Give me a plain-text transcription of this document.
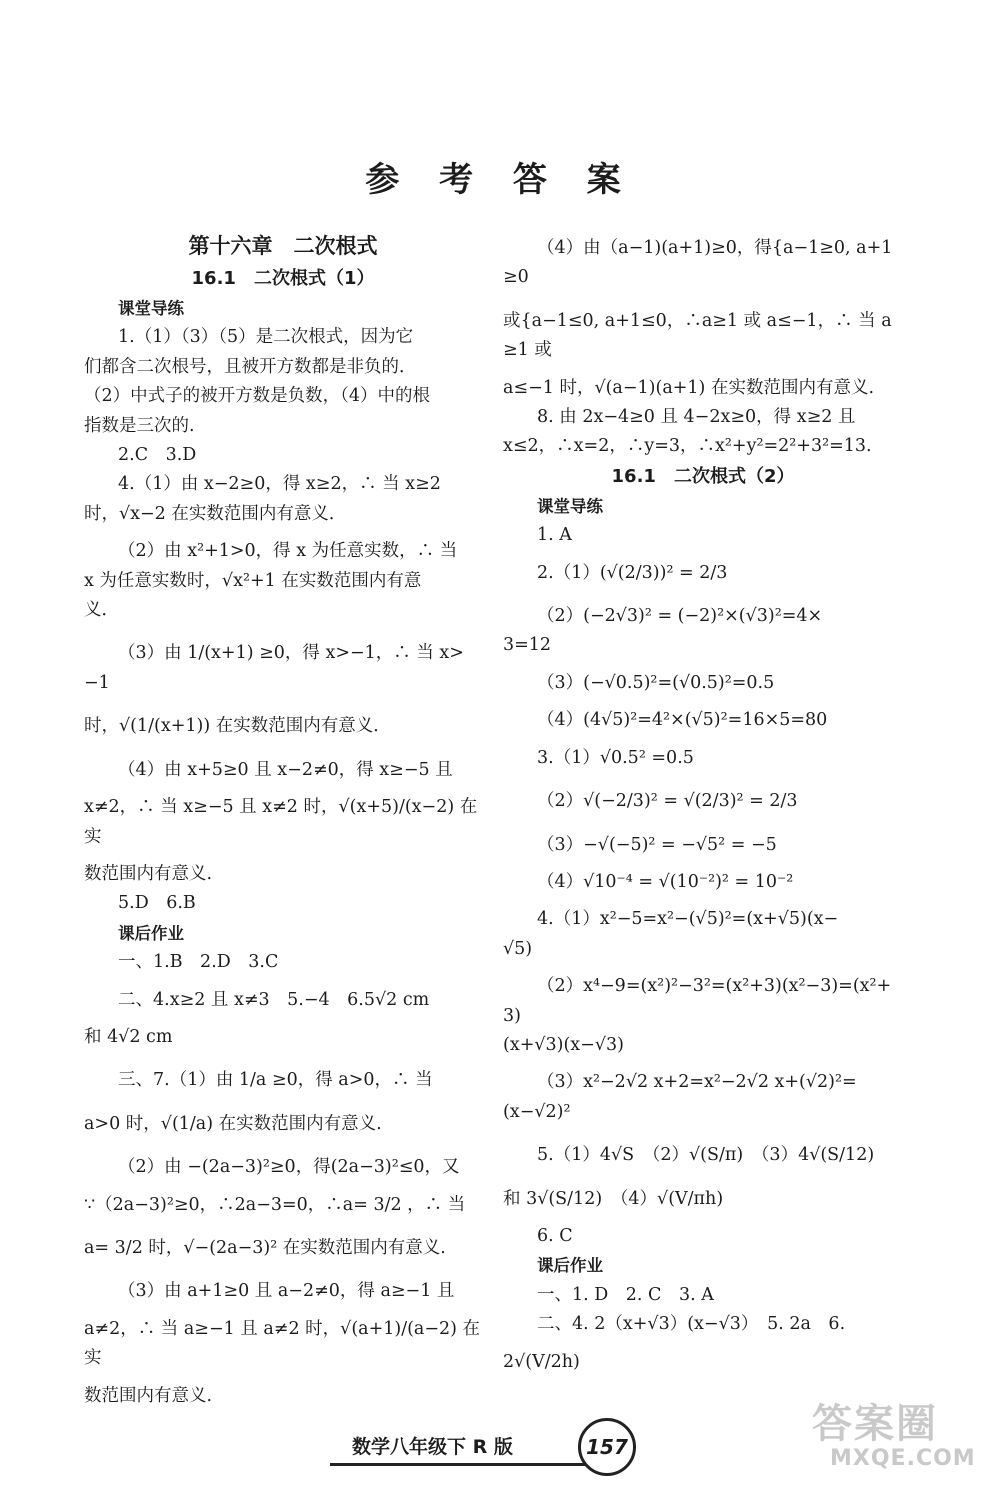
参 考 答 案
第十六章　二次根式
16.1　二次根式（1）
课堂导练
1.（1）（3）（5）是二次根式，因为它
们都含二次根号，且被开方数都是非负的．
（2）中式子的被开方数是负数，（4）中的根
指数是三次的.
2.C　3.D
4.（1）由 x−2≥0，得 x≥2，∴ 当 x≥2
时，√x−2 在实数范围内有意义．
（2）由 x²+1>0，得 x 为任意实数，∴ 当
x 为任意实数时，√x²+1 在实数范围内有意
义．
（3）由 1/(x+1) ≥0，得 x>−1，∴ 当 x>−1
时，√(1/(x+1)) 在实数范围内有意义．
（4）由 x+5≥0 且 x−2≠0，得 x≥−5 且
x≠2，∴ 当 x≥−5 且 x≠2 时，√(x+5)/(x−2) 在实
数范围内有意义.
5.D　6.B
课后作业
一、1.B　2.D　3.C
二、4.x≥2 且 x≠3　5.−4　6.5√2 cm
和 4√2 cm
三、7.（1）由 1/a ≥0，得 a>0，∴ 当
a>0 时，√(1/a) 在实数范围内有意义.
（2）由 −(2a−3)²≥0，得(2a−3)²≤0，又
∵（2a−3)²≥0，∴2a−3=0，∴a= 3/2 ，∴ 当
a= 3/2 时，√−(2a−3)² 在实数范围内有意义.
（3）由 a+1≥0 且 a−2≠0，得 a≥−1 且
a≠2，∴ 当 a≥−1 且 a≠2 时，√(a+1)/(a−2) 在实
数范围内有意义.
（4）由（a−1)(a+1)≥0，得{a−1≥0, a+1≥0
或{a−1≤0, a+1≤0，∴a≥1 或 a≤−1，∴ 当 a≥1 或
a≤−1 时，√(a−1)(a+1) 在实数范围内有意义.
8. 由 2x−4≥0 且 4−2x≥0，得 x≥2 且
x≤2，∴x=2，∴y=3，∴x²+y²=2²+3²=13.
16.1　二次根式（2）
课堂导练
1. A
2.（1）(√(2/3))² = 2/3
（2）(−2√3)² = (−2)²×(√3)²=4×
3=12
（3）(−√0.5)²=(√0.5)²=0.5
（4）(4√5)²=4²×(√5)²=16×5=80
3.（1）√0.5² =0.5
（2）√(−2/3)² = √(2/3)² = 2/3
（3）−√(−5)² = −√5² = −5
（4）√10⁻⁴ = √(10⁻²)² = 10⁻²
4.（1）x²−5=x²−(√5)²=(x+√5)(x−
√5)
（2）x⁴−9=(x²)²−3²=(x²+3)(x²−3)=(x²+3)
(x+√3)(x−√3)
（3）x²−2√2 x+2=x²−2√2 x+(√2)²=
(x−√2)²
5.（1）4√S　（2）√(S/π)　（3）4√(S/12)
和 3√(S/12)　（4）√(V/πh)
6. C
课后作业
一、1. D　2. C　3. A
二、4. 2（x+√3）(x−√3）　5. 2a　6.
2√(V/2h)
数学八年级下 R 版	157	答案圈
MXQE.COM
